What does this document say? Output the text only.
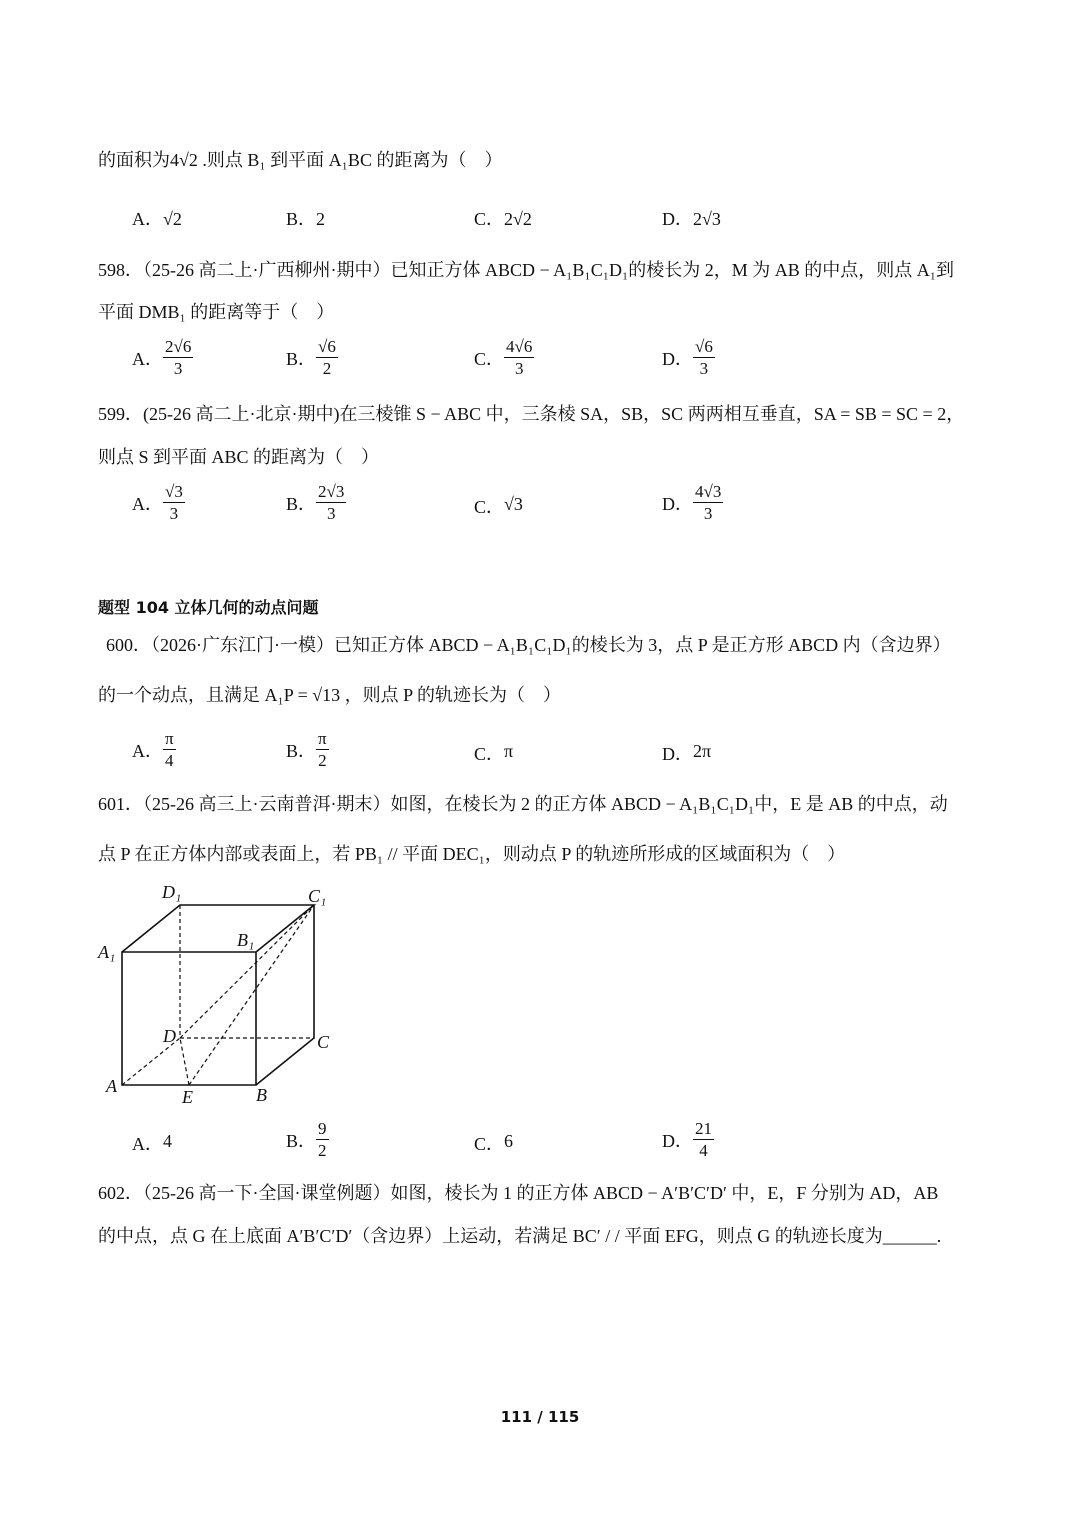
的面积为4√2 .则点 B₁ 到平面 A₁BC 的距离为（　）
A．√2	B．2	C．2√2	D．2√3
598．（25-26 高二上·广西柳州·期中）已知正方体 ABCD − A₁B₁C₁D₁的棱长为 2，M 为 AB 的中点，则点 A₁到
平面 DMB₁ 的距离等于（　）
599．(25-26 高二上·北京·期中)在三棱锥 S − ABC 中，三条棱 SA，SB，SC 两两相互垂直，SA = SB = SC = 2，
则点 S 到平面 ABC 的距离为（　）
题型 104 立体几何的动点问题
600．（2026·广东江门·一模）已知正方体 ABCD − A₁B₁C₁D₁的棱长为 3，点 P 是正方形 ABCD 内（含边界）
的一个动点，且满足 A₁P = √13 ，则点 P 的轨迹长为（　）
601．（25-26 高三上·云南普洱·期末）如图，在棱长为 2 的正方体 ABCD − A₁B₁C₁D₁中，E 是 AB 的中点，动
点 P 在正方体内部或表面上，若 PB₁ // 平面 DEC₁，则动点 P 的轨迹所形成的区域面积为（　）
D₁	C₁
A₁
B₁
D	C
A
E	B
602．（25-26 高一下·全国·课堂例题）如图，棱长为 1 的正方体 ABCD − A′B′C′D′ 中，E，F 分别为 AD，AB
的中点，点 G 在上底面 A′B′C′D′（含边界）上运动，若满足 BC′ / / 平面 EFG，则点 G 的轨迹长度为______.
111 / 115
A． $\frac{2√6}{3}$	B． $\frac{√6}{2}$	C． $\frac{4√6}{3}$	D． $\frac{√6}{3}$
A． $\frac{√3}{3}$	B． $\frac{2√3}{3}$	C．√3	D． $\frac{4√3}{3}$
A． $\frac{\pi}{4}$	B． $\frac{\pi}{2}$	C．π	D．2π
A．4	B． $\frac{9}{2}$	C．6	D． $\frac{21}{4}$
